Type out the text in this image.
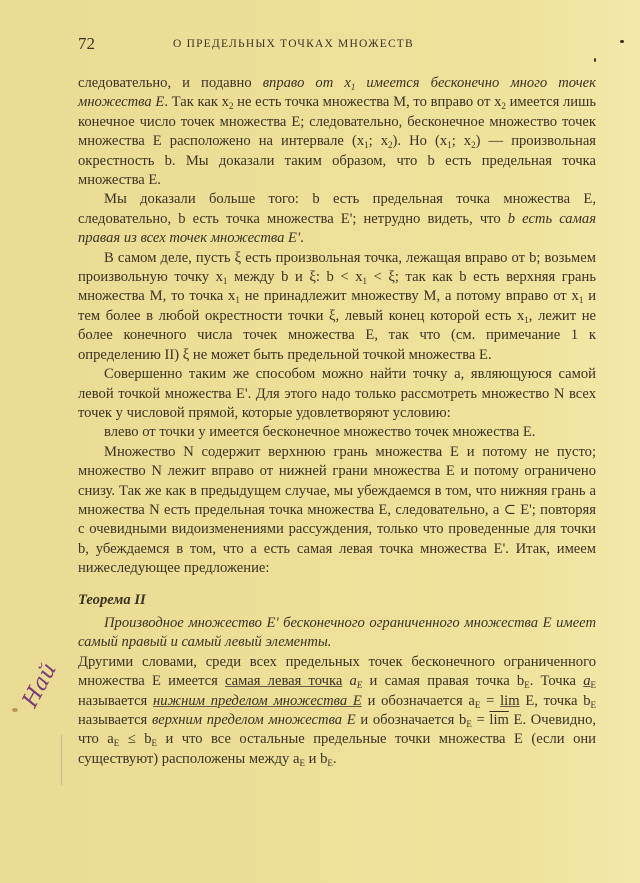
72	О ПРЕДЕЛЬНЫХ ТОЧКАХ МНОЖЕСТВ

следовательно, и подавно вправо от $x_1$ имеется бесконечно много точек множества E. Так как $x_2$ не есть точка множества M, то вправо от $x_2$ имеется лишь конечное число точек множества E; следовательно, бесконечное множество точек множества E расположено на интервале ($x_1$; $x_2$). Но ($x_1$; $x_2$) — произвольная окрестность b. Мы доказали таким образом, что b есть предельная точка множества E.

Мы доказали больше того: b есть предельная точка множества E, следовательно, b есть точка множества E'; нетрудно видеть, что b есть самая правая из всех точек множества E'.

В самом деле, пусть ξ есть произвольная точка, лежащая вправо от b; возьмем произвольную точку $x_1$ между b и ξ: $b < x_1 < \xi$; так как b есть верхняя грань множества M, то точка $x_1$ не принадлежит множеству M, а потому вправо от $x_1$ и тем более в любой окрестности точки ξ, левый конец которой есть $x_1$, лежит не более конечного числа точек множества E, так что (см. примечание 1 к определению II) ξ не может быть предельной точкой множества E.

Совершенно таким же способом можно найти точку a, являющуюся самой левой точкой множества E'. Для этого надо только рассмотреть множество N всех точек y числовой прямой, которые удовлетворяют условию:

влево от точки y имеется бесконечное множество точек множества E.

Множество N содержит верхнюю грань множества E и потому не пусто; множество N лежит вправо от нижней грани множества E и потому ограничено снизу. Так же как в предыдущем случае, мы убеждаемся в том, что нижняя грань a множества N есть предельная точка множества E, следовательно, a ⊂ E'; повторяя с очевидными видоизменениями рассуждения, только что проведенные для точки b, убеждаемся в том, что a есть самая левая точка множества E'. Итак, имеем нижеследующее предложение:

Теорема II

Производное множество E' бесконечного ограниченного множества E имеет самый правый и самый левый элементы.

Другими словами, среди всех предельных точек бесконечного ограниченного множества E имеется самая левая точка $a_E$ и самая правая точка $b_E$. Точка $a_E$ называется нижним пределом множества E и обозначается $a_E = \lim E$, точка $b_E$ называется верхним пределом множества E и обозначается $b_E = \overline{lim}$ E. Очевидно, что $a_E \le b_E$ и что все остальные предельные точки множества E (если они существуют) расположены между $a_E$ и $b_E$.

Най
